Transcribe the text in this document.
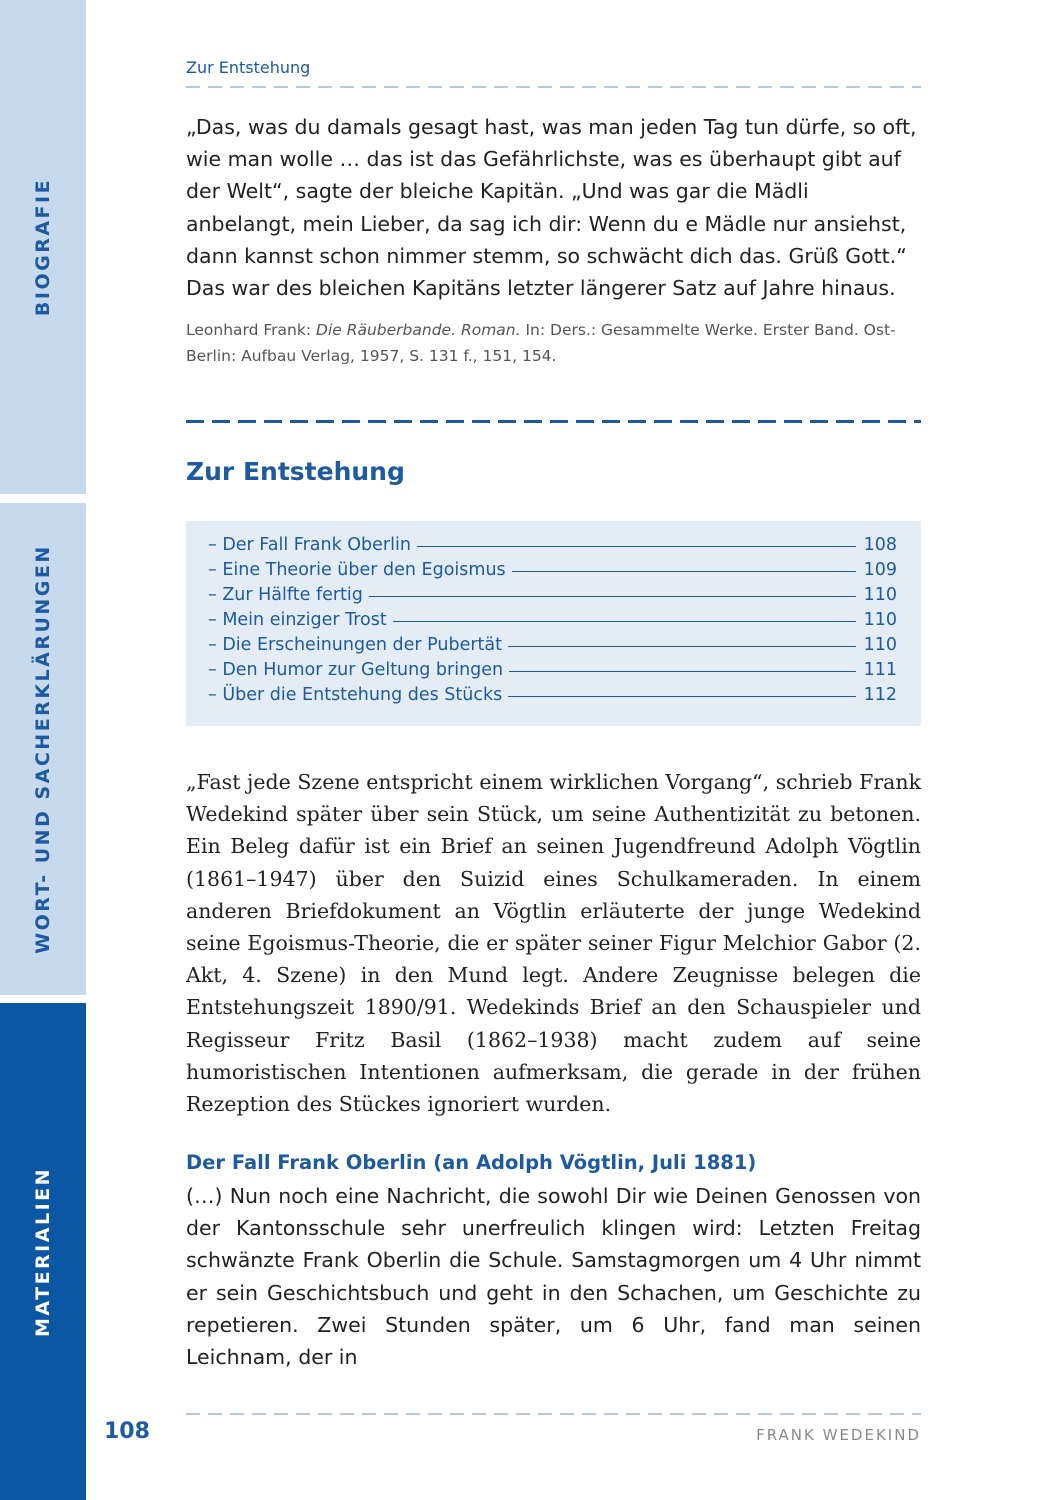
BIOGRAFIE
WORT- UND SACHERKLÄRUNGEN
MATERIALIEN
Zur Entstehung

„Das, was du damals gesagt hast, was man jeden Tag tun dürfe, so oft, wie man wolle … das ist das Gefährlichste, was es überhaupt gibt auf der Welt“, sagte der bleiche Kapitän. „Und was gar die Mädli anbelangt, mein Lieber, da sag ich dir: Wenn du e Mädle nur ansiehst, dann kannst schon nimmer stemm, so schwächt dich das. Grüß Gott.“ Das war des bleichen Kapitäns letzter längerer Satz auf Jahre hinaus.

Leonhard Frank: Die Räuberbande. Roman. In: Ders.: Gesammelte Werke. Erster Band. Ost-Berlin: Aufbau Verlag, 1957, S. 131 f., 151, 154.
Zur Entstehung
– Der Fall Frank Oberlin	108
– Eine Theorie über den Egoismus	109
– Zur Hälfte fertig	110
– Mein einziger Trost	110
– Die Erscheinungen der Pubertät	110
– Den Humor zur Geltung bringen	111
– Über die Entstehung des Stücks	112

„Fast jede Szene entspricht einem wirklichen Vorgang“, schrieb Frank Wedekind später über sein Stück, um seine Authentizität zu betonen. Ein Beleg dafür ist ein Brief an seinen Jugendfreund Adolph Vögtlin (1861–1947) über den Suizid eines Schulkameraden. In einem anderen Briefdokument an Vögtlin erläuterte der junge Wedekind seine Egoismus-Theorie, die er später seiner Figur Melchior Gabor (2. Akt, 4. Szene) in den Mund legt. Andere Zeugnisse belegen die Entstehungszeit 1890/91. Wedekinds Brief an den Schauspieler und Regisseur Fritz Basil (1862–1938) macht zudem auf seine humoristischen Intentionen aufmerksam, die gerade in der frühen Rezeption des Stückes ignoriert wurden.

Der Fall Frank Oberlin (an Adolph Vögtlin, Juli 1881)

(…) Nun noch eine Nachricht, die sowohl Dir wie Deinen Genossen von der Kantonsschule sehr unerfreulich klingen wird: Letzten Freitag schwänzte Frank Oberlin die Schule. Samstagmorgen um 4 Uhr nimmt er sein Geschichtsbuch und geht in den Schachen, um Geschichte zu repetieren. Zwei Stunden später, um 6 Uhr, fand man seinen Leichnam, der in

108	FRANK WEDEKIND
